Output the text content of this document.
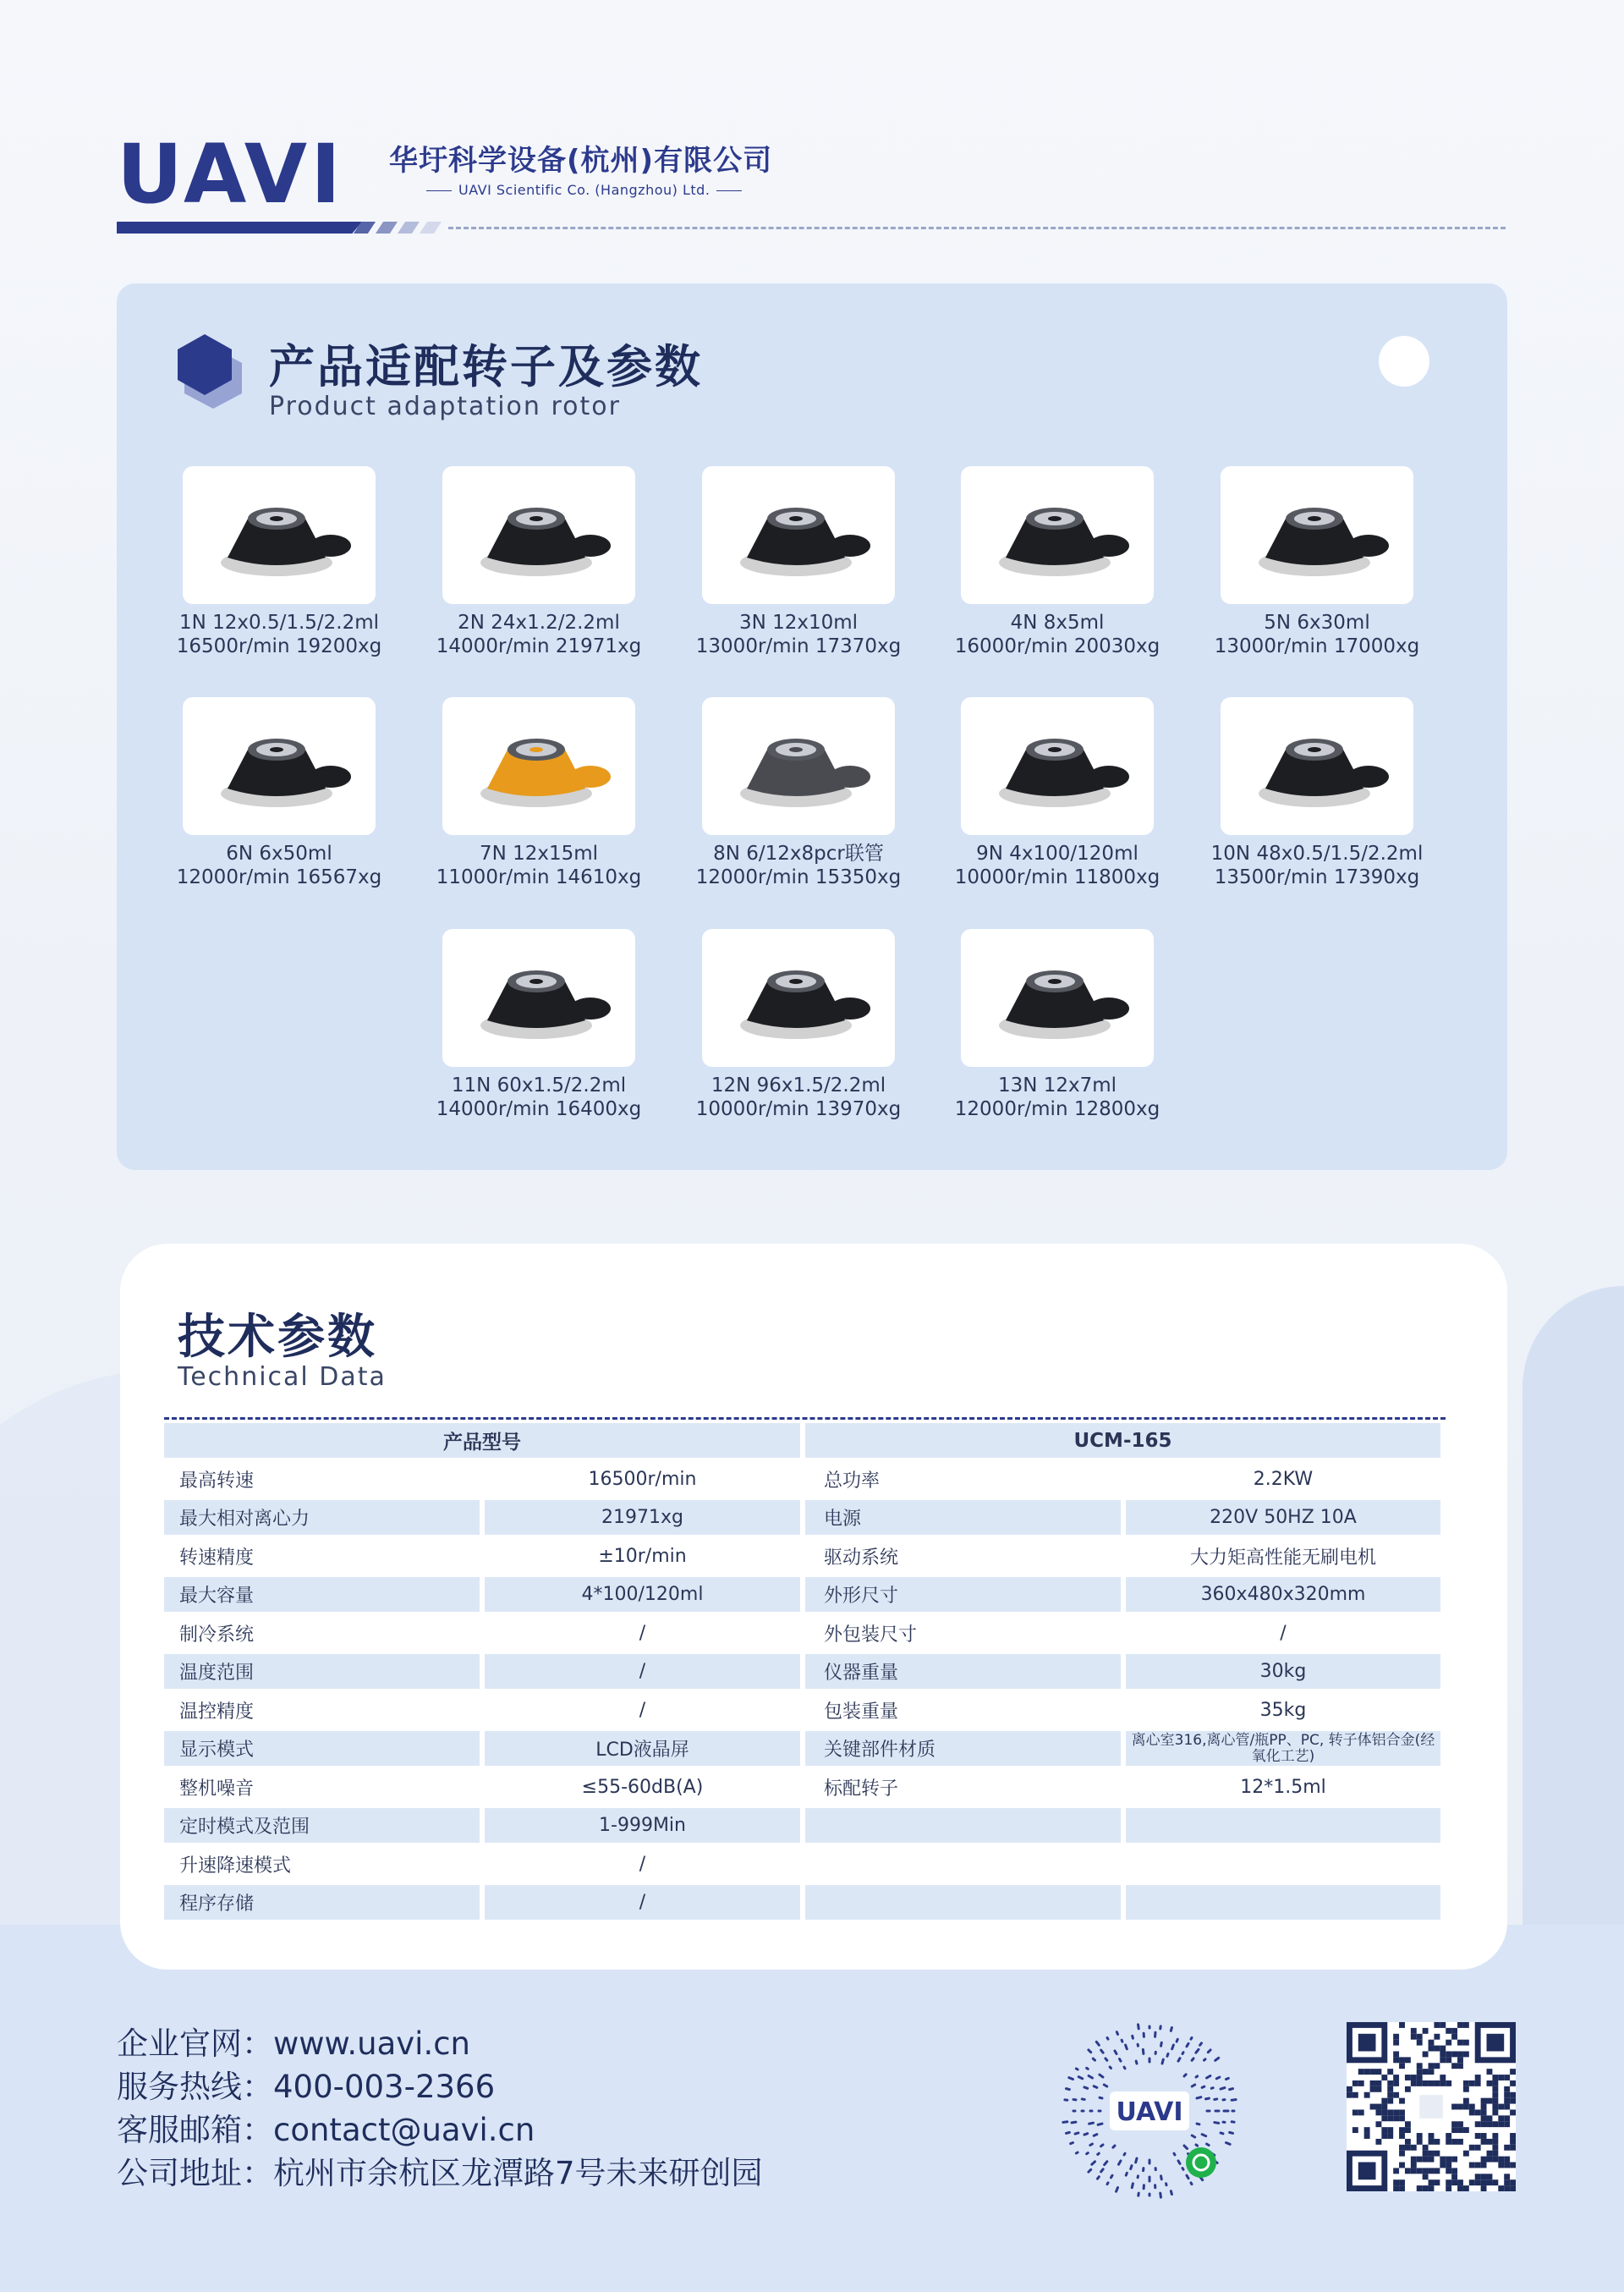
UAVI 华圩科学设备(杭州)有限公司
UAVI Scientific Co. (Hangzhou) Ltd.
产品适配转子及参数
Product adaptation rotor
1N 12x0.5/1.5/2.2ml
16500r/min 19200xg
2N 24x1.2/2.2ml
14000r/min 21971xg
3N 12x10ml
13000r/min 17370xg
4N 8x5ml
16000r/min 20030xg
5N 6x30ml
13000r/min 17000xg
6N 6x50ml
12000r/min 16567xg
7N 12x15ml
11000r/min 14610xg
8N 6/12x8pcr联管
12000r/min 15350xg
9N 4x100/120ml
10000r/min 11800xg
10N 48x0.5/1.5/2.2ml
13500r/min 17390xg
11N 60x1.5/2.2ml
14000r/min 16400xg
12N 96x1.5/2.2ml
10000r/min 13970xg
13N 12x7ml
12000r/min 12800xg
技术参数
Technical Data
产品型号	UCM-165
最高转速	16500r/min	总功率	2.2KW
最大相对离心力	21971xg	电源	220V 50HZ 10A
转速精度	±10r/min	驱动系统	大力矩高性能无刷电机
最大容量	4*100/120ml	外形尺寸	360x480x320mm
制冷系统	/	外包装尺寸	/
温度范围	/	仪器重量	30kg
温控精度	/	包装重量	35kg
显示模式	LCD液晶屏	关键部件材质	离心室316,离心管/瓶PP、PC, 转子体铝合金(经氧化工艺)
整机噪音	≤55-60dB(A)	标配转子	12*1.5ml
定时模式及范围	1-999Min
升速降速模式	/
程序存储	/
企业官网：www.uavi.cn
服务热线：400-003-2366
客服邮箱：contact@uavi.cn
公司地址：杭州市余杭区龙潭路7号未来研创园
UAVI
